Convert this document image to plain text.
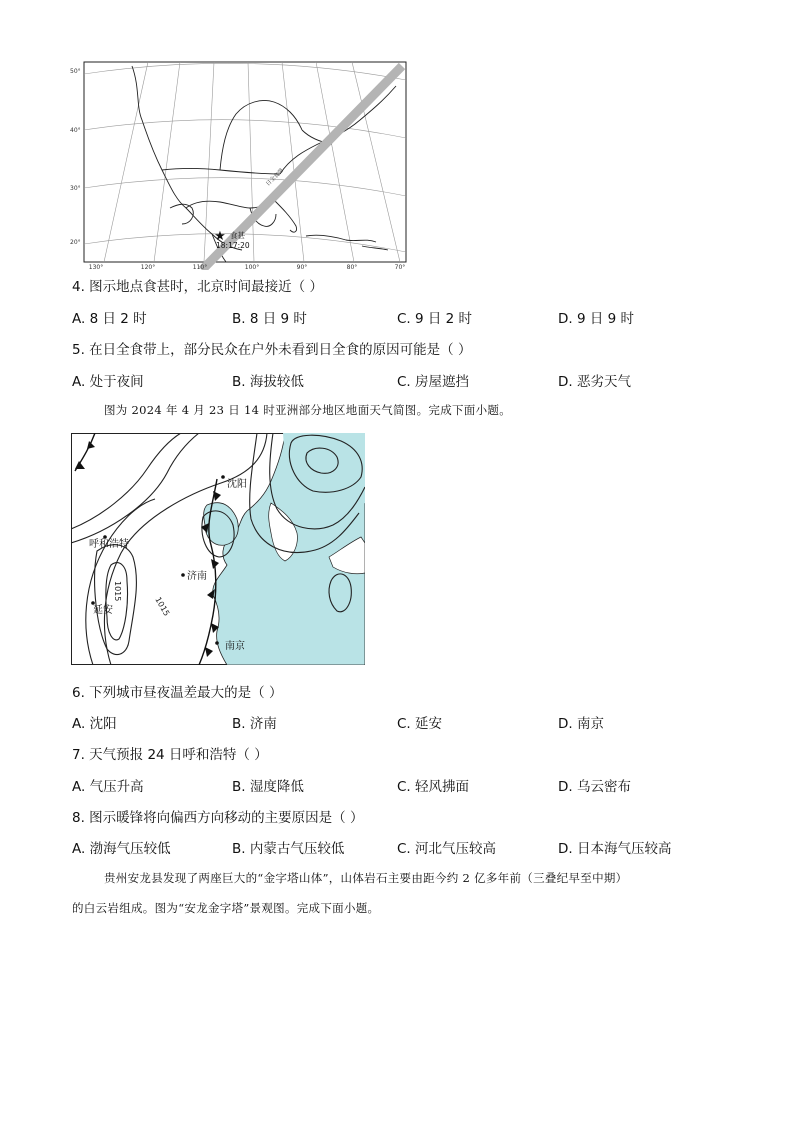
日全食带
★ 食甚
18:17:20
50°
40°
30°
20°
130°	120°	110°	100°	90°	80°	70°
4. 图示地点食甚时，北京时间最接近（ ）
A. 8 日 2 时	B. 8 日 9 时	C. 9 日 2 时	D. 9 日 9 时
5. 在日全食带上，部分民众在户外未看到日全食的原因可能是（ ）
A. 处于夜间	B. 海拔较低	C. 房屋遮挡	D. 恶劣天气
图为 2024 年 4 月 23 日 14 时亚洲部分地区地面天气简图。完成下面小题。
1015
1015
沈阳
呼和浩特
济南
延安
南京
6. 下列城市昼夜温差最大的是（ ）
A. 沈阳	B. 济南	C. 延安	D. 南京
7. 天气预报 24 日呼和浩特（ ）
A. 气压升高	B. 湿度降低	C. 轻风拂面	D. 乌云密布
8. 图示暖锋将向偏西方向移动的主要原因是（ ）
A. 渤海气压较低	B. 内蒙古气压较低	C. 河北气压较高	D. 日本海气压较高
贵州安龙县发现了两座巨大的“金字塔山体”，山体岩石主要由距今约 2 亿多年前（三叠纪早至中期）
的白云岩组成。图为“安龙金字塔”景观图。完成下面小题。
